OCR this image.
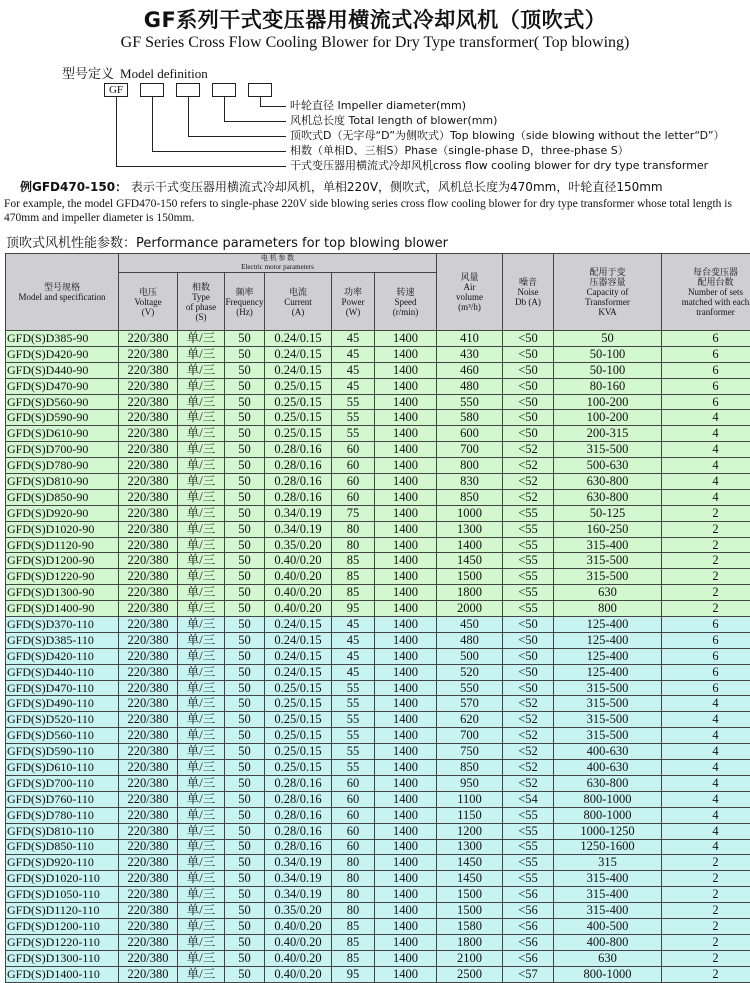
GF系列干式变压器用横流式冷却风机（顶吹式）
GF Series Cross Flow Cooling Blower for Dry Type transformer( Top blowing)
型号定义 Model definition
GF
叶轮直径 Impeller diameter(mm)
风机总长度 Total length of blower(mm)
顶吹式D（无字母“D”为侧吹式）Top blowing（side blowing without the letter“D”）
相数（单相D、三相S）Phase（single-phase D，three-phase S）
干式变压器用横流式冷却风机cross flow cooling blower for dry type transformer
例GFD470-150： 表示干式变压器用横流式冷却风机，单相220V，侧吹式，风机总长度为470mm，叶轮直径150mm
For example, the model GFD470-150 refers to single-phase 220V side blowing series cross flow cooling blower for dry type transformer whose total length is 470mm and impeller diameter is 150mm.
顶吹式风机性能参数：Performance parameters for top blowing blower
型号规格
Model and specification	电 机 参 数
Electric motor parameters						风量
Air
volume
(m³/h)	噪音
Noise
Db (A)	配用于变
压器容量
Capacity of
Transformer
KVA	每台变压器
配用台数
Number of sets
matched with each
tranformer
	电压
Voltage
(V)	相数
Type
of phase
(S)	频率
Frequency
(Hz)	电流
Current
(A)	功率
Power
(W)	转速
Speed
(r/min)				
GFD(S)D385-90	220/380	单/三	50	0.24/0.15	45	1400	410	<50	50	6
GFD(S)D420-90	220/380	单/三	50	0.24/0.15	45	1400	430	<50	50-100	6
GFD(S)D440-90	220/380	单/三	50	0.24/0.15	45	1400	460	<50	50-100	6
GFD(S)D470-90	220/380	单/三	50	0.25/0.15	45	1400	480	<50	80-160	6
GFD(S)D560-90	220/380	单/三	50	0.25/0.15	55	1400	550	<50	100-200	6
GFD(S)D590-90	220/380	单/三	50	0.25/0.15	55	1400	580	<50	100-200	4
GFD(S)D610-90	220/380	单/三	50	0.25/0.15	55	1400	600	<50	200-315	4
GFD(S)D700-90	220/380	单/三	50	0.28/0.16	60	1400	700	<52	315-500	4
GFD(S)D780-90	220/380	单/三	50	0.28/0.16	60	1400	800	<52	500-630	4
GFD(S)D810-90	220/380	单/三	50	0.28/0.16	60	1400	830	<52	630-800	4
GFD(S)D850-90	220/380	单/三	50	0.28/0.16	60	1400	850	<52	630-800	4
GFD(S)D920-90	220/380	单/三	50	0.34/0.19	75	1400	1000	<55	50-125	2
GFD(S)D1020-90	220/380	单/三	50	0.34/0.19	80	1400	1300	<55	160-250	2
GFD(S)D1120-90	220/380	单/三	50	0.35/0.20	80	1400	1400	<55	315-400	2
GFD(S)D1200-90	220/380	单/三	50	0.40/0.20	85	1400	1450	<55	315-500	2
GFD(S)D1220-90	220/380	单/三	50	0.40/0.20	85	1400	1500	<55	315-500	2
GFD(S)D1300-90	220/380	单/三	50	0.40/0.20	85	1400	1800	<55	630	2
GFD(S)D1400-90	220/380	单/三	50	0.40/0.20	95	1400	2000	<55	800	2
GFD(S)D370-110	220/380	单/三	50	0.24/0.15	45	1400	450	<50	125-400	6
GFD(S)D385-110	220/380	单/三	50	0.24/0.15	45	1400	480	<50	125-400	6
GFD(S)D420-110	220/380	单/三	50	0.24/0.15	45	1400	500	<50	125-400	6
GFD(S)D440-110	220/380	单/三	50	0.24/0.15	45	1400	520	<50	125-400	6
GFD(S)D470-110	220/380	单/三	50	0.25/0.15	55	1400	550	<50	315-500	6
GFD(S)D490-110	220/380	单/三	50	0.25/0.15	55	1400	570	<52	315-500	4
GFD(S)D520-110	220/380	单/三	50	0.25/0.15	55	1400	620	<52	315-500	4
GFD(S)D560-110	220/380	单/三	50	0.25/0.15	55	1400	700	<52	315-500	4
GFD(S)D590-110	220/380	单/三	50	0.25/0.15	55	1400	750	<52	400-630	4
GFD(S)D610-110	220/380	单/三	50	0.25/0.15	55	1400	850	<52	400-630	4
GFD(S)D700-110	220/380	单/三	50	0.28/0.16	60	1400	950	<52	630-800	4
GFD(S)D760-110	220/380	单/三	50	0.28/0.16	60	1400	1100	<54	800-1000	4
GFD(S)D780-110	220/380	单/三	50	0.28/0.16	60	1400	1150	<55	800-1000	4
GFD(S)D810-110	220/380	单/三	50	0.28/0.16	60	1400	1200	<55	1000-1250	4
GFD(S)D850-110	220/380	单/三	50	0.28/0.16	60	1400	1300	<55	1250-1600	4
GFD(S)D920-110	220/380	单/三	50	0.34/0.19	80	1400	1450	<55	315	2
GFD(S)D1020-110	220/380	单/三	50	0.34/0.19	80	1400	1450	<55	315-400	2
GFD(S)D1050-110	220/380	单/三	50	0.34/0.19	80	1400	1500	<56	315-400	2
GFD(S)D1120-110	220/380	单/三	50	0.35/0.20	80	1400	1500	<56	315-400	2
GFD(S)D1200-110	220/380	单/三	50	0.40/0.20	85	1400	1580	<56	400-500	2
GFD(S)D1220-110	220/380	单/三	50	0.40/0.20	85	1400	1800	<56	400-800	2
GFD(S)D1300-110	220/380	单/三	50	0.40/0.20	85	1400	2100	<56	630	2
GFD(S)D1400-110	220/380	单/三	50	0.40/0.20	95	1400	2500	<57	800-1000	2
